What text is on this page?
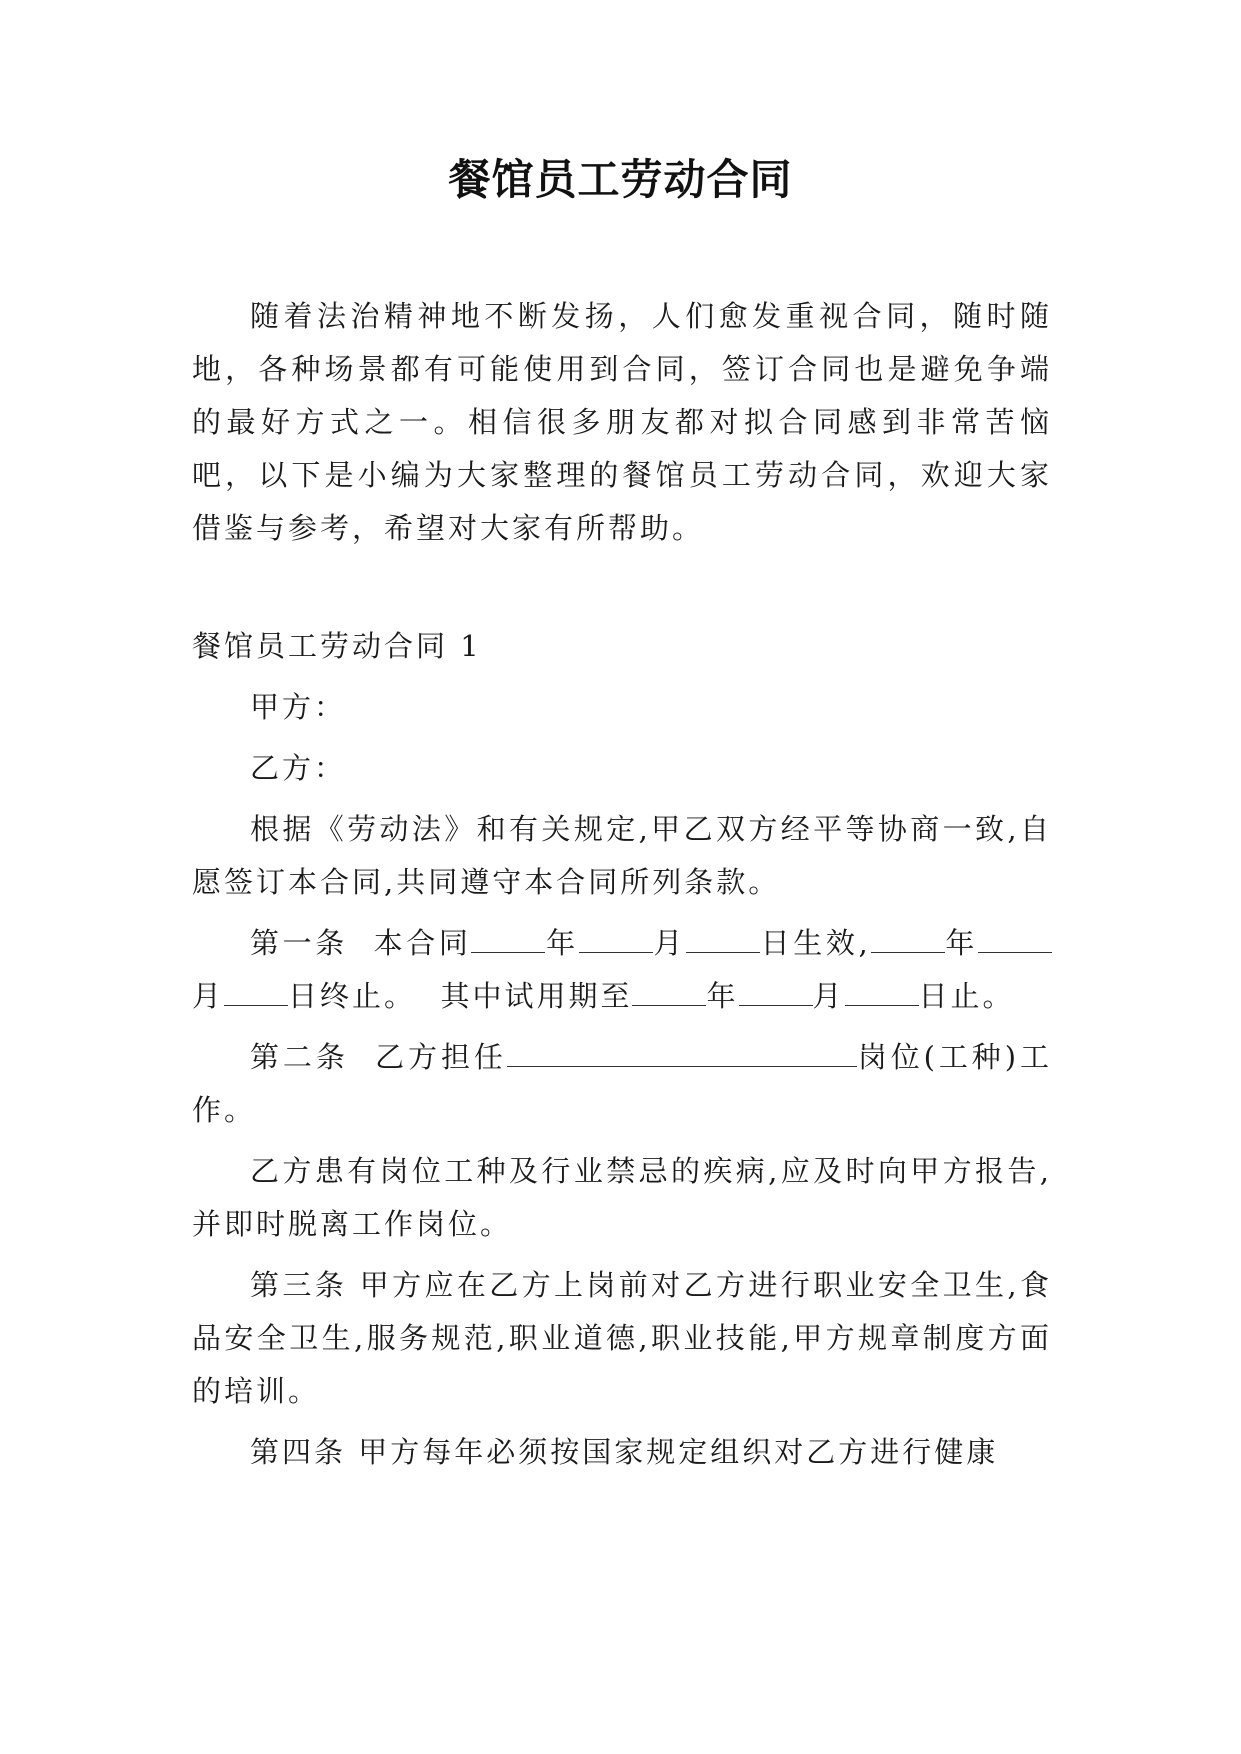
餐馆员工劳动合同

随着法治精神地不断发扬，人们愈发重视合同，随时随地，各种场景都有可能使用到合同，签订合同也是避免争端的最好方式之一。相信很多朋友都对拟合同感到非常苦恼吧，以下是小编为大家整理的餐馆员工劳动合同，欢迎大家借鉴与参考，希望对大家有所帮助。

餐馆员工劳动合同 1

甲方：

乙方：

根据《劳动法》和有关规定,甲乙双方经平等协商一致,自愿签订本合同,共同遵守本合同所列条款。

第一条 本合同	年	月	日生效,	年月 日终止。 其中试用期至	年	月	日止。

第二条 乙方担任	岗位(工种)工作。

乙方患有岗位工种及行业禁忌的疾病,应及时向甲方报告,并即时脱离工作岗位。

第三条 甲方应在乙方上岗前对乙方进行职业安全卫生,食品安全卫生,服务规范,职业道德,职业技能,甲方规章制度方面的培训。

第四条 甲方每年必须按国家规定组织对乙方进行健康
